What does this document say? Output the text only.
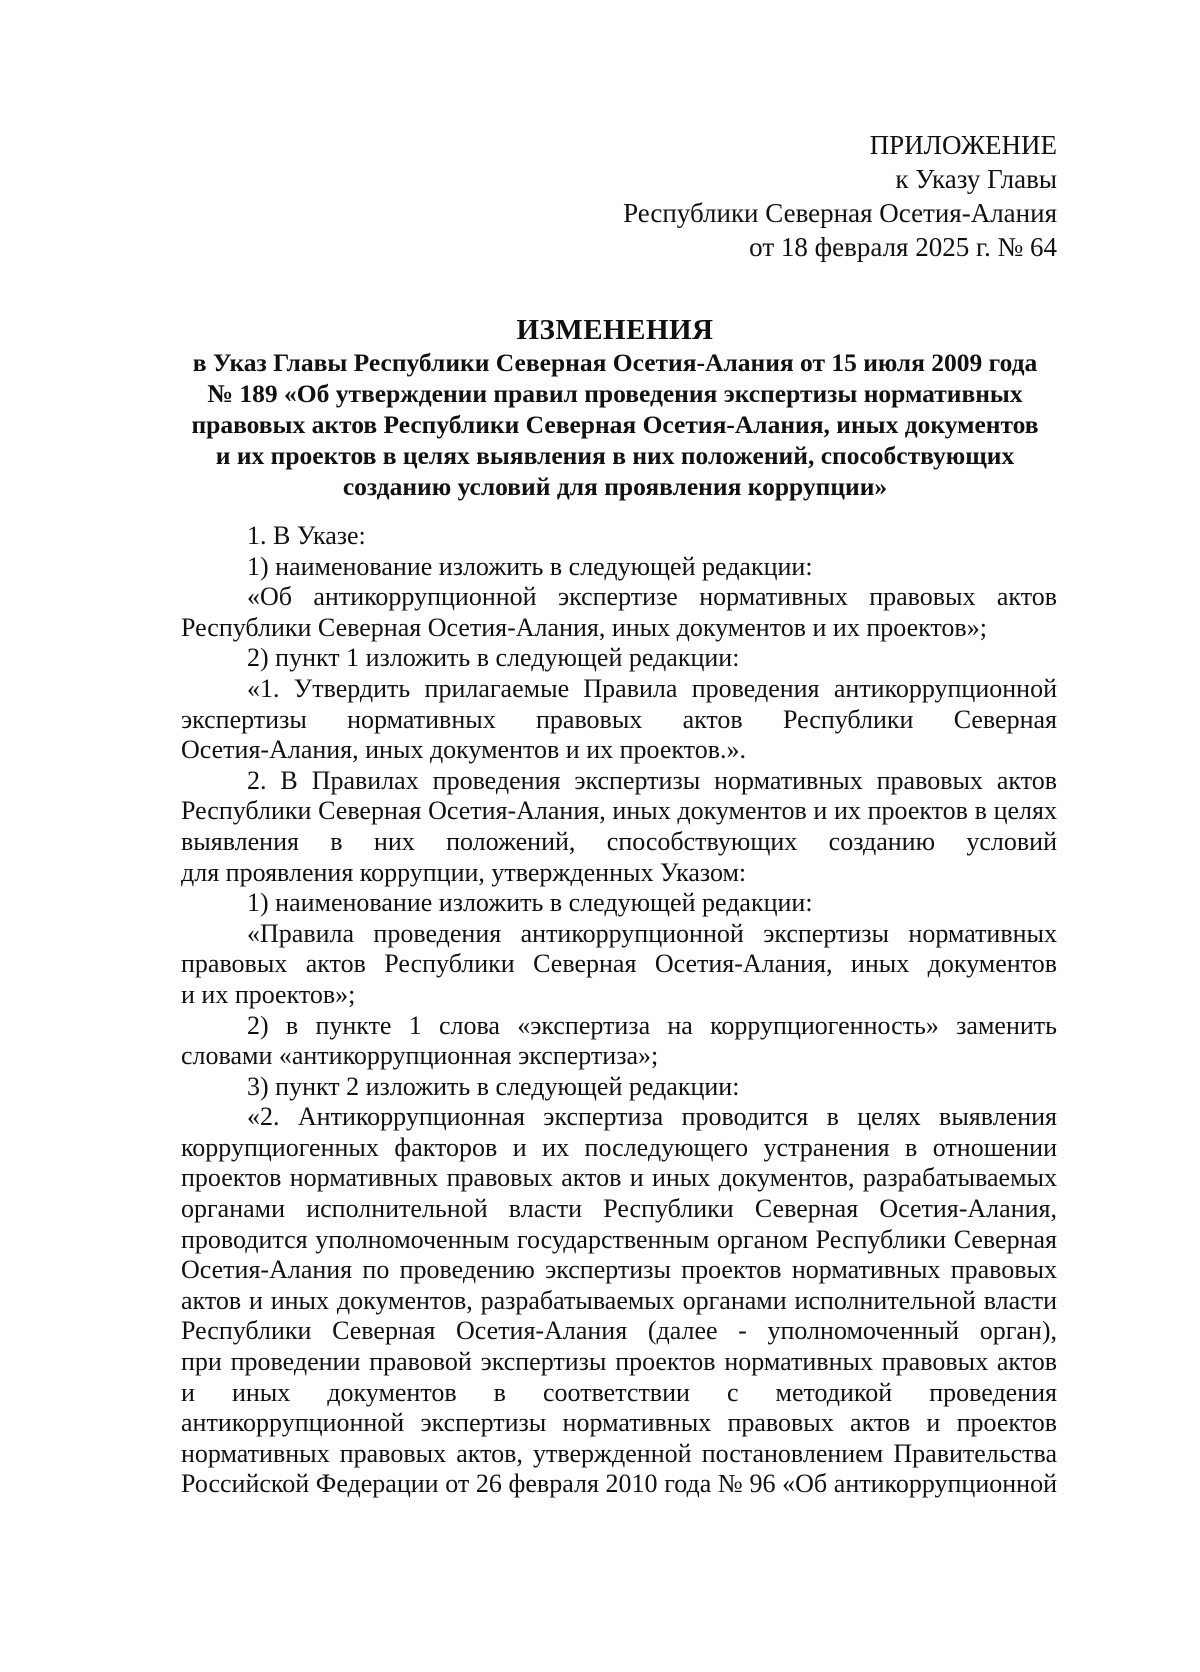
ПРИЛОЖЕНИЕ
к Указу Главы
Республики Северная Осетия-Алания
от 18 февраля 2025 г. № 64
ИЗМЕНЕНИЯ
в Указ Главы Республики Северная Осетия-Алания от 15 июля 2009 года
№ 189 «Об утверждении правил проведения экспертизы нормативных
правовых актов Республики Северная Осетия-Алания, иных документов
и их проектов в целях выявления в них положений, способствующих
созданию условий для проявления коррупции»
1. В Указе:
1) наименование изложить в следующей редакции:
«Об антикоррупционной экспертизе нормативных правовых актов
Республики Северная Осетия-Алания, иных документов и их проектов»;
2) пункт 1 изложить в следующей редакции:
«1. Утвердить прилагаемые Правила проведения антикоррупционной
экспертизы нормативных правовых актов Республики Северная
Осетия-Алания, иных документов и их проектов.».
2. В Правилах проведения экспертизы нормативных правовых актов
Республики Северная Осетия-Алания, иных документов и их проектов в целях
выявления в них положений, способствующих созданию условий
для проявления коррупции, утвержденных Указом:
1) наименование изложить в следующей редакции:
«Правила проведения антикоррупционной экспертизы нормативных
правовых актов Республики Северная Осетия-Алания, иных документов
и их проектов»;
2) в пункте 1 слова «экспертиза на коррупциогенность» заменить
словами «антикоррупционная экспертиза»;
3) пункт 2 изложить в следующей редакции:
«2. Антикоррупционная экспертиза проводится в целях выявления
коррупциогенных факторов и их последующего устранения в отношении
проектов нормативных правовых актов и иных документов, разрабатываемых
органами исполнительной власти Республики Северная Осетия-Алания,
проводится уполномоченным государственным органом Республики Северная
Осетия-Алания по проведению экспертизы проектов нормативных правовых
актов и иных документов, разрабатываемых органами исполнительной власти
Республики Северная Осетия-Алания (далее - уполномоченный орган),
при проведении правовой экспертизы проектов нормативных правовых актов
и иных документов в соответствии с методикой проведения
антикоррупционной экспертизы нормативных правовых актов и проектов
нормативных правовых актов, утвержденной постановлением Правительства
Российской Федерации от 26 февраля 2010 года № 96 «Об антикоррупционной
